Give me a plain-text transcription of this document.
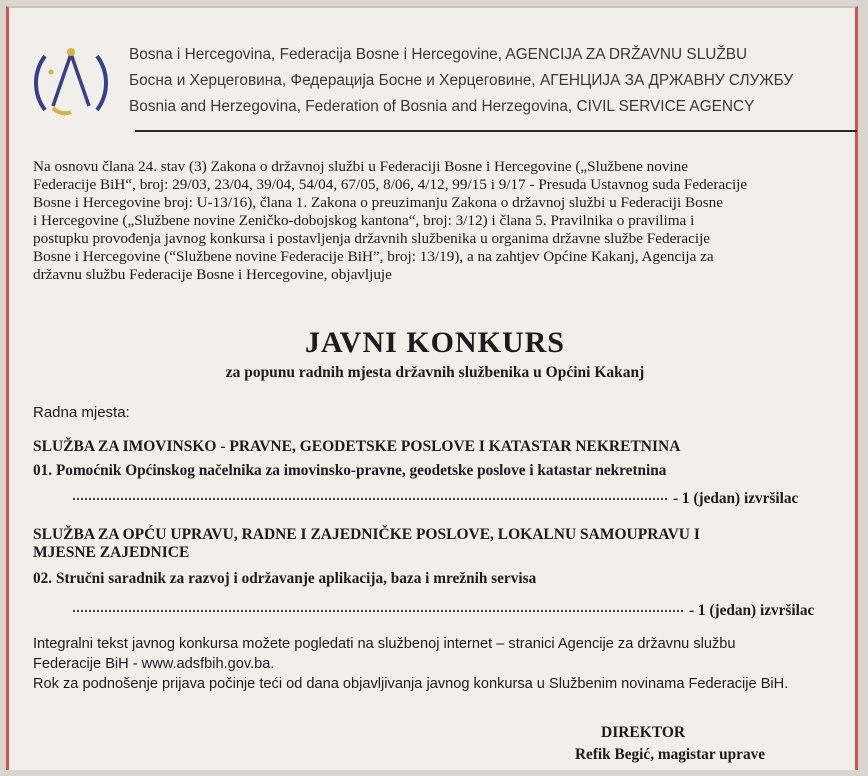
Bosna i Hercegovina, Federacija Bosne i Hercegovine, AGENCIJA ZA DRŽAVNU SLUŽBU
Босна и Херцеговина, Федерација Босне и Херцеговине, АГЕНЦИЈА ЗА ДРЖАВНУ СЛУЖБУ
Bosnia and Herzegovina, Federation of Bosnia and Herzegovina, CIVIL SERVICE AGENCY
Na osnovu člana 24. stav (3) Zakona o državnoj službi u Federaciji Bosne i Hercegovine („Službene novine
Federacije BiH“, broj: 29/03, 23/04, 39/04, 54/04, 67/05, 8/06, 4/12, 99/15 i 9/17 - Presuda Ustavnog suda Federacije
Bosne i Hercegovine broj: U-13/16), člana 1. Zakona o preuzimanju Zakona o državnoj službi u Federaciji Bosne
i Hercegovine („Službene novine Zeničko-dobojskog kantona“, broj: 3/12) i člana 5. Pravilnika o pravilima i
postupku provođenja javnog konkursa i postavljenja državnih službenika u organima državne službe Federacije
Bosne i Hercegovine (“Službene novine Federacije BiH”, broj: 13/19), a na zahtjev Općine Kakanj, Agencija za
državnu službu Federacije Bosne i Hercegovine, objavljuje
JAVNI KONKURS
za popunu radnih mjesta državnih službenika u Općini Kakanj
Radna mjesta:
SLUŽBA ZA IMOVINSKO - PRAVNE, GEODETSKE POSLOVE I KATASTAR NEKRETNINA
01. Pomoćnik Općinskog načelnika za imovinsko-pravne, geodetske poslove i katastar nekretnina
- 1 (jedan) izvršilac
SLUŽBA ZA OPĆU UPRAVU, RADNE I ZAJEDNIČKE POSLOVE, LOKALNU SAMOUPRAVU I
MJESNE ZAJEDNICE
02. Stručni saradnik za razvoj i održavanje aplikacija, baza i mrežnih servisa
- 1 (jedan) izvršilac
Integralni tekst javnog konkursa možete pogledati na službenoj internet – stranici Agencije za državnu službu
Federacije BiH - www.adsfbih.gov.ba.
Rok za podnošenje prijava počinje teći od dana objavljivanja javnog konkursa u Službenim novinama Federacije BiH.
DIREKTOR
Refik Begić, magistar uprave
